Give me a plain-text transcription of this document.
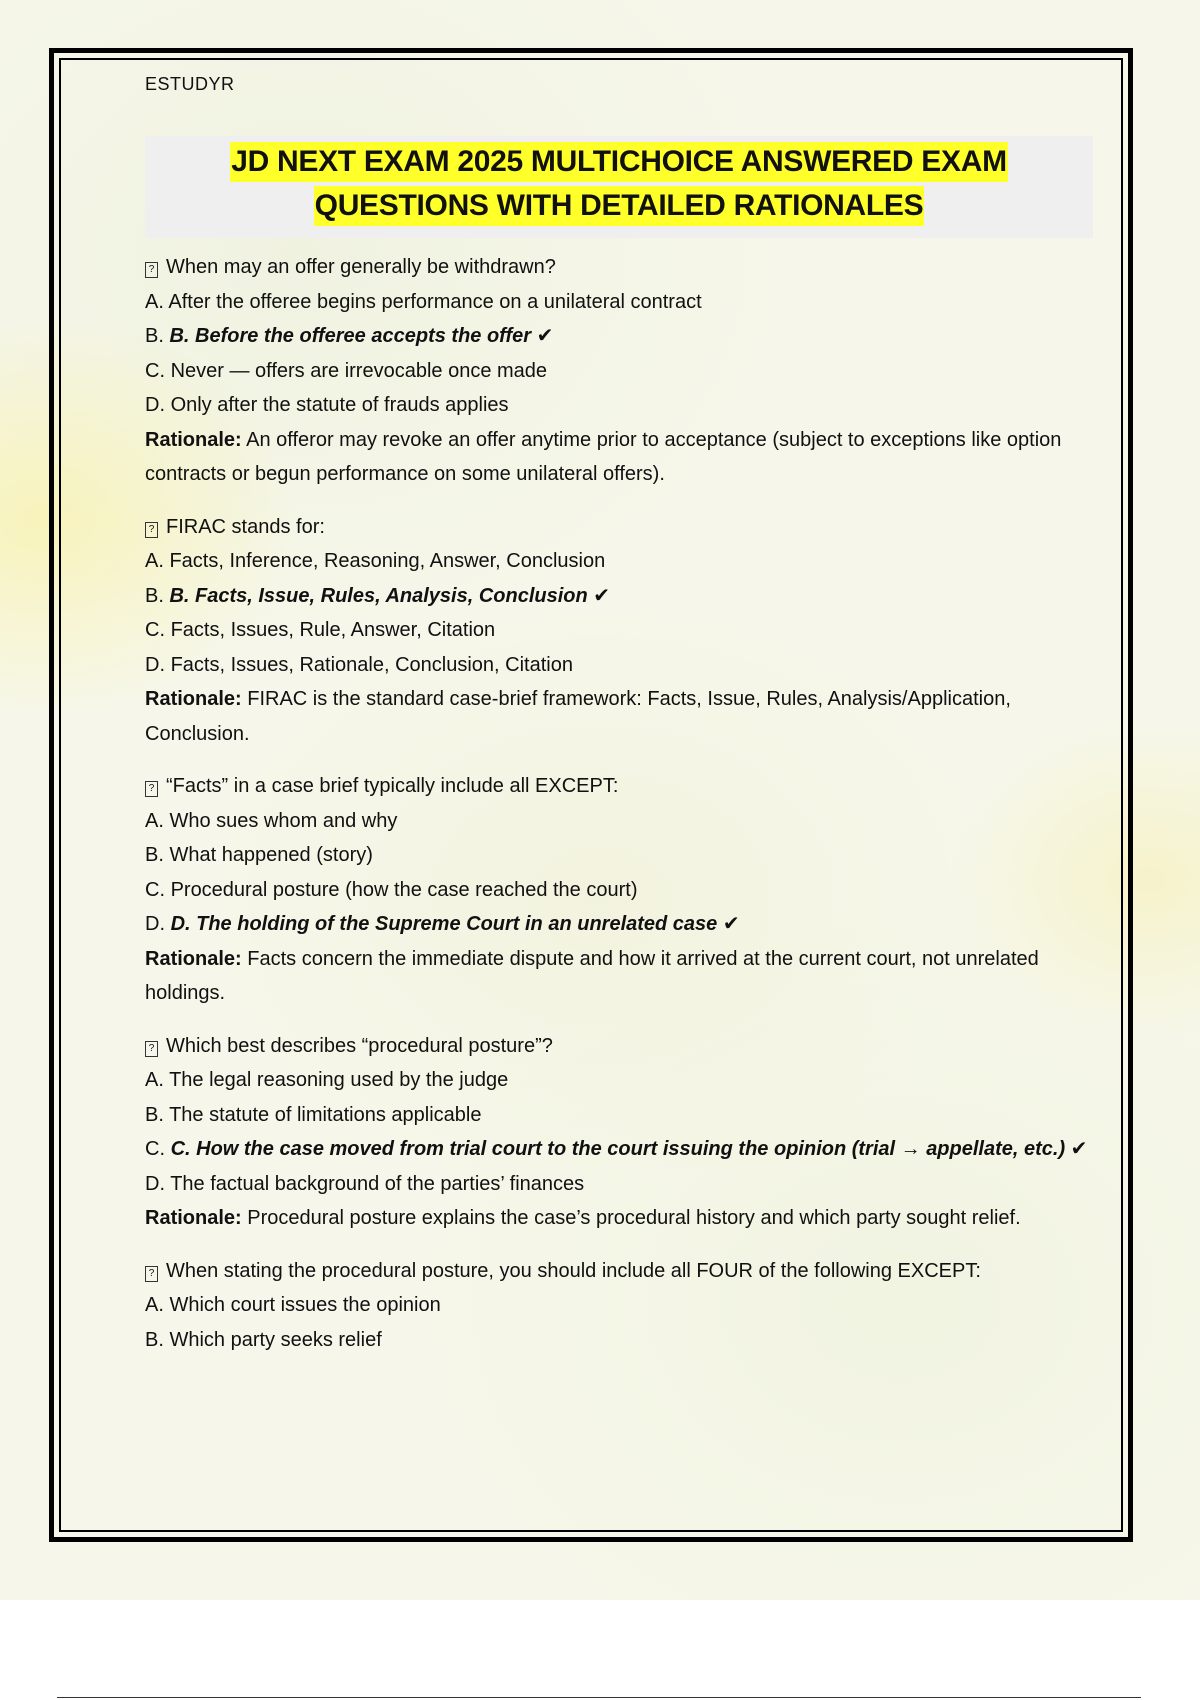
ESTUDYR
JD NEXT EXAM 2025 MULTICHOICE ANSWERED EXAM
QUESTIONS WITH DETAILED RATIONALES
? When may an offer generally be withdrawn?
A. After the offeree begins performance on a unilateral contract
B. B. Before the offeree accepts the offer ✔
C. Never — offers are irrevocable once made
D. Only after the statute of frauds applies
Rationale: An offeror may revoke an offer anytime prior to acceptance (subject to exceptions like option contracts or begun performance on some unilateral offers).
? FIRAC stands for:
A. Facts, Inference, Reasoning, Answer, Conclusion
B. B. Facts, Issue, Rules, Analysis, Conclusion ✔
C. Facts, Issues, Rule, Answer, Citation
D. Facts, Issues, Rationale, Conclusion, Citation
Rationale: FIRAC is the standard case-brief framework: Facts, Issue, Rules, Analysis/Application, Conclusion.
? “Facts” in a case brief typically include all EXCEPT:
A. Who sues whom and why
B. What happened (story)
C. Procedural posture (how the case reached the court)
D. D. The holding of the Supreme Court in an unrelated case ✔
Rationale: Facts concern the immediate dispute and how it arrived at the current court, not unrelated holdings.
? Which best describes “procedural posture”?
A. The legal reasoning used by the judge
B. The statute of limitations applicable
C. C. How the case moved from trial court to the court issuing the opinion (trial → appellate, etc.) ✔
D. The factual background of the parties’ finances
Rationale: Procedural posture explains the case’s procedural history and which party sought relief.
? When stating the procedural posture, you should include all FOUR of the following EXCEPT:
A. Which court issues the opinion
B. Which party seeks relief
